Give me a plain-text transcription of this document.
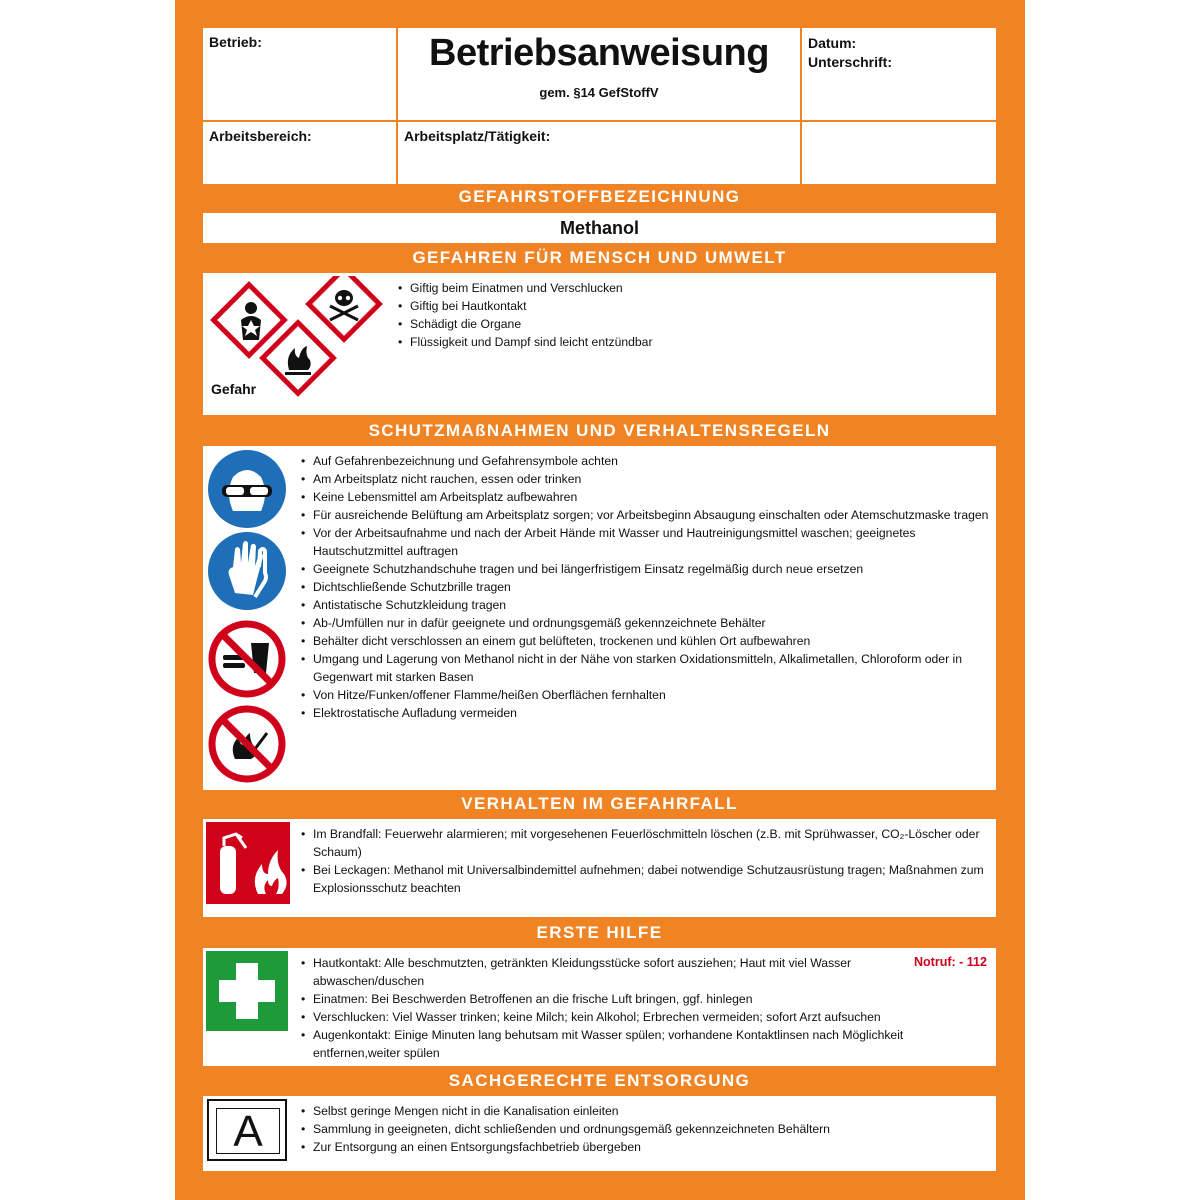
Betrieb:	Betriebsanweisung
gem. §14 GefStoffV
Datum:
Unterschrift:
Arbeitsbereich:	Arbeitsplatz/Tätigkeit:
GEFAHRSTOFFBEZEICHNUNG
Methanol
GEFAHREN FÜR MENSCH UND UMWELT
Gefahr
• Giftig beim Einatmen und Verschlucken
• Giftig bei Hautkontakt
• Schädigt die Organe
• Flüssigkeit und Dampf sind leicht entzündbar
SCHUTZMAßNAHMEN UND VERHALTENSREGELN
• Auf Gefahrenbezeichnung und Gefahrensymbole achten
• Am Arbeitsplatz nicht rauchen, essen oder trinken
• Keine Lebensmittel am Arbeitsplatz aufbewahren
• Für ausreichende Belüftung am Arbeitsplatz sorgen; vor Arbeitsbeginn Absaugung einschalten oder Atemschutzmaske tragen
• Vor der Arbeitsaufnahme und nach der Arbeit Hände mit Wasser und Hautreinigungsmittel waschen; geeignetes Hautschutzmittel auftragen
• Geeignete Schutzhandschuhe tragen und bei längerfristigem Einsatz regelmäßig durch neue ersetzen
• Dichtschließende Schutzbrille tragen
• Antistatische Schutzkleidung tragen
• Ab-/Umfüllen nur in dafür geeignete und ordnungsgemäß gekennzeichnete Behälter
• Behälter dicht verschlossen an einem gut belüfteten, trockenen und kühlen Ort aufbewahren
• Umgang und Lagerung von Methanol nicht in der Nähe von starken Oxidationsmitteln, Alkalimetallen, Chloroform oder in Gegenwart mit starken Basen
• Von Hitze/Funken/offener Flamme/heißen Oberflächen fernhalten
• Elektrostatische Aufladung vermeiden
VERHALTEN IM GEFAHRFALL
• Im Brandfall: Feuerwehr alarmieren; mit vorgesehenen Feuerlöschmitteln löschen (z.B. mit Sprühwasser, CO₂-Löscher oder Schaum)
• Bei Leckagen: Methanol mit Universalbindemittel aufnehmen; dabei notwendige Schutzausrüstung tragen; Maßnahmen zum Explosionsschutz beachten
ERSTE HILFE
Notruf: - 112
• Hautkontakt: Alle beschmutzten, getränkten Kleidungsstücke sofort ausziehen; Haut mit viel Wasser abwaschen/duschen
• Einatmen: Bei Beschwerden Betroffenen an die frische Luft bringen, ggf. hinlegen
• Verschlucken: Viel Wasser trinken; keine Milch; kein Alkohol; Erbrechen vermeiden; sofort Arzt aufsuchen
• Augenkontakt: Einige Minuten lang behutsam mit Wasser spülen; vorhandene Kontaktlinsen nach Möglichkeit entfernen,weiter spülen
SACHGERECHTE ENTSORGUNG
A
•	Selbst geringe Mengen nicht in die Kanalisation einleiten
• Sammlung in geeigneten, dicht schließenden und ordnungsgemäß gekennzeichneten Behältern
• Zur Entsorgung an einen Entsorgungsfachbetrieb übergeben
